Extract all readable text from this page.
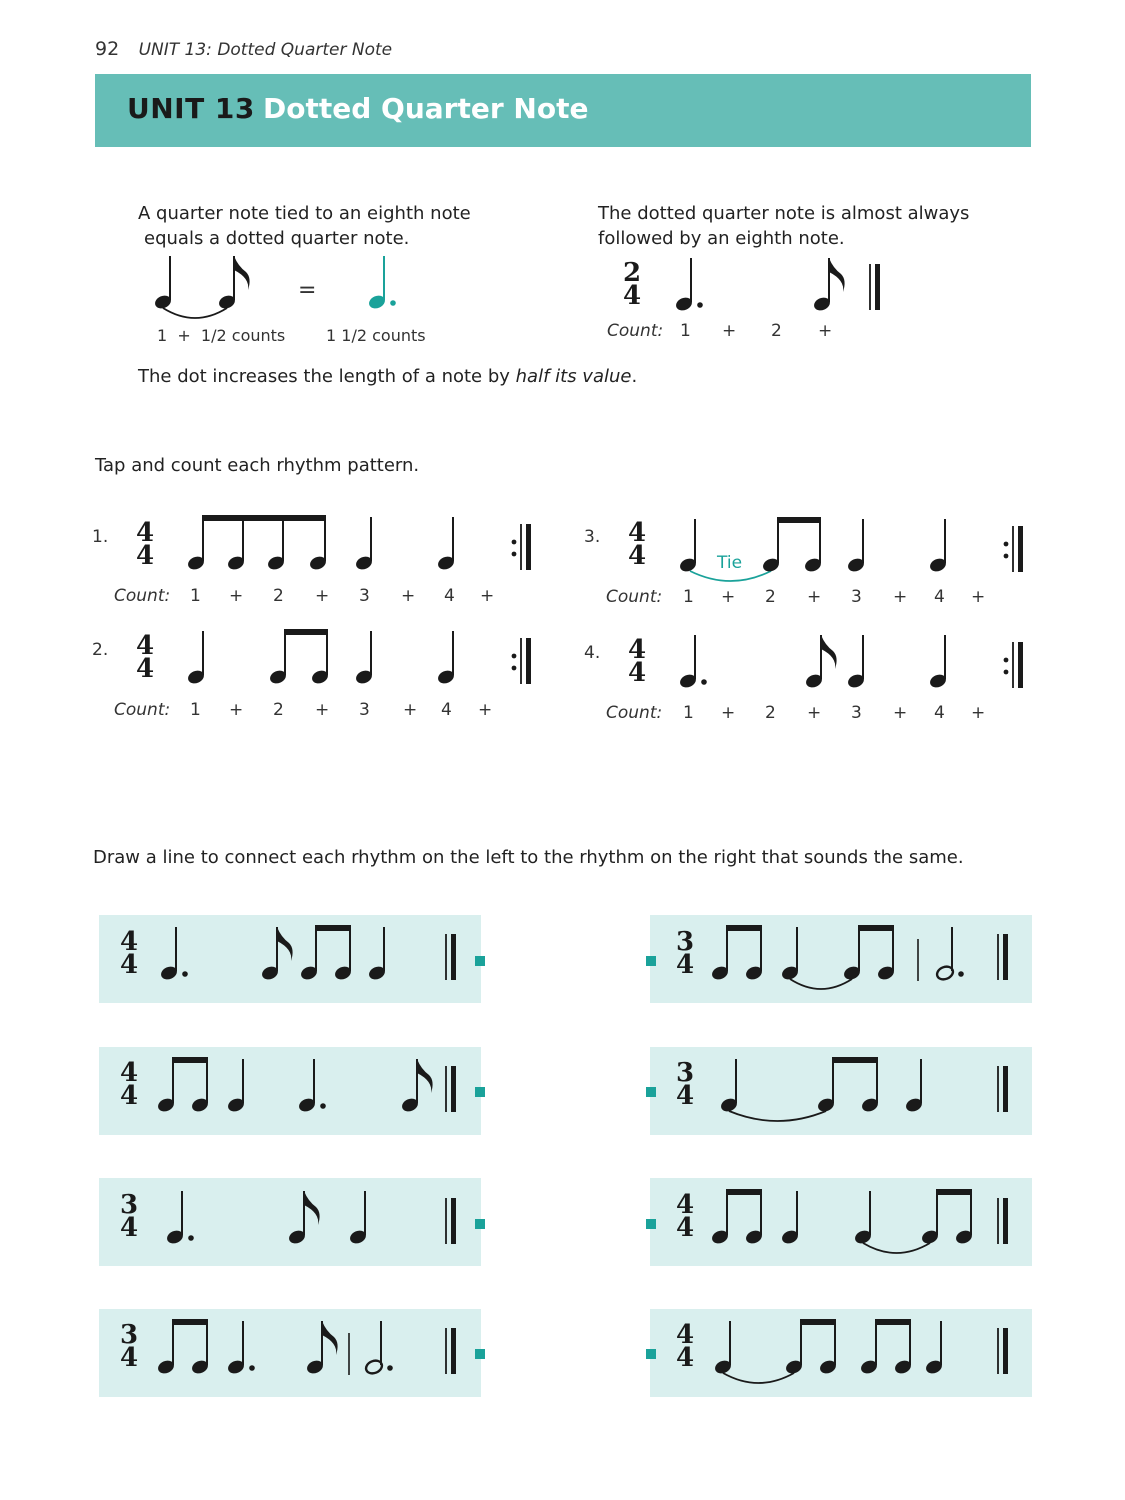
92 UNIT 13: Dotted Quarter Note
UNIT 13 Dotted Quarter Note
A quarter note tied to an eighth note
equals a dotted quarter note.
The dotted quarter note is almost always
followed by an eighth note.
=
1  +  1/2 counts	1 1/2 counts	Count: 1 + 2 +
The dot increases the length of a note by half its value.
Tap and count each rhythm pattern.
1.
2.
3.
4.
Count: 1 + 2 + 3 + 4 +
Count: 1 + 2 + 3 + 4 +
Count: 1 + 2 + 3 + 4 +
Count: 1 + 2 + 3 + 4 +
Tie
Draw a line to connect each rhythm on the left to the rhythm on the right that sounds the same.
2
4
4
4
4
4
4
4
4
4
4
4
4
4
3
4
3
4
3
4
3
4
4
4
4
4
